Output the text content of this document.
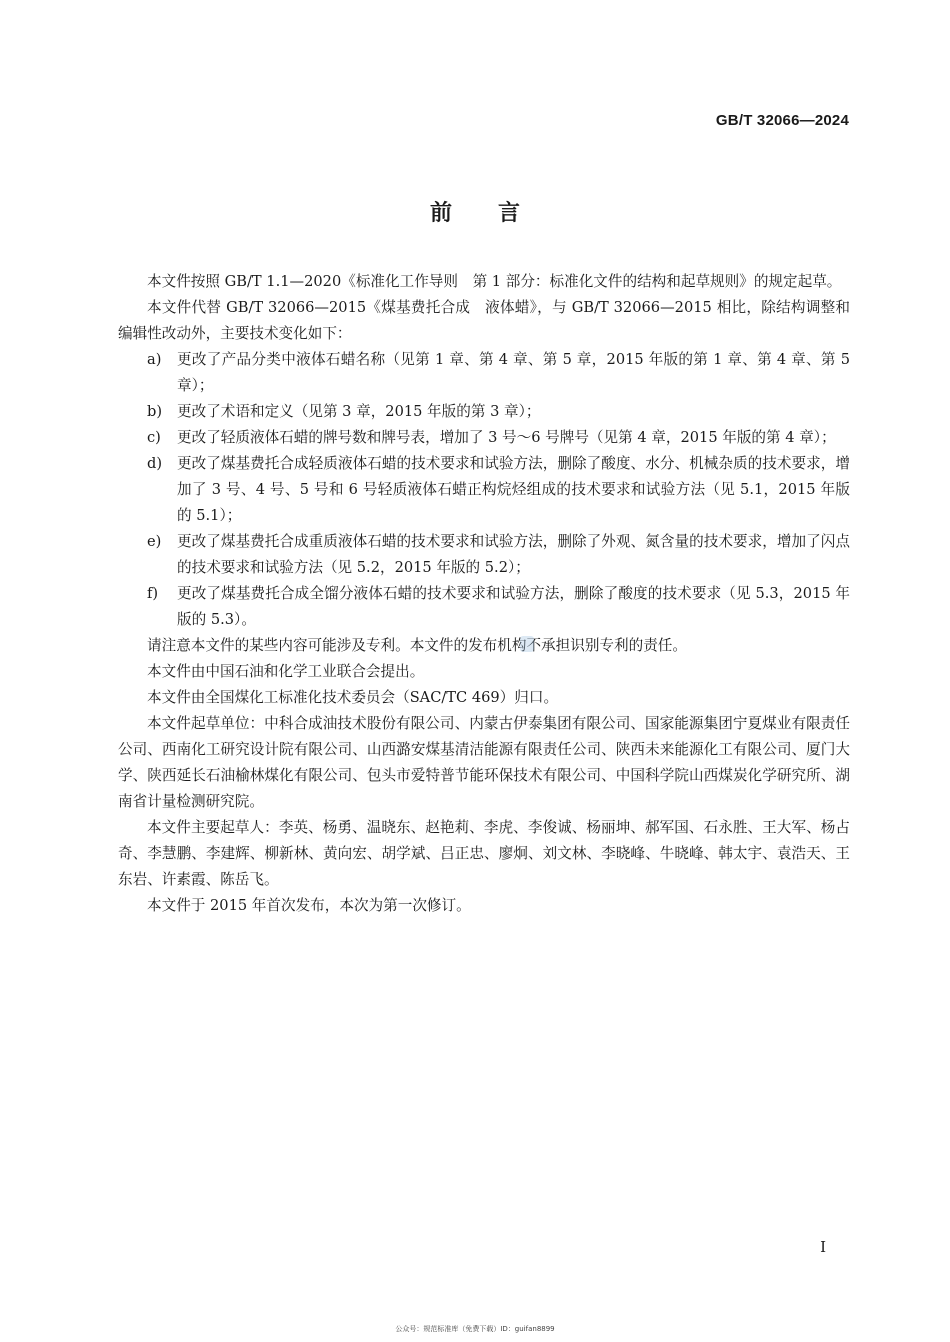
GB/T 32066—2024
前言

本文件按照 GB/T 1.1—2020《标准化工作导则　第 1 部分：标准化文件的结构和起草规则》的规定起草。

本文件代替 GB/T 32066—2015《煤基费托合成　液体蜡》，与 GB/T 32066—2015 相比，除结构调整和编辑性改动外，主要技术变化如下：

a) 更改了产品分类中液体石蜡名称（见第 1 章、第 4 章、第 5 章，2015 年版的第 1 章、第 4 章、第 5 章）；

b) 更改了术语和定义（见第 3 章，2015 年版的第 3 章）；

c) 更改了轻质液体石蜡的牌号数和牌号表，增加了 3 号～6 号牌号（见第 4 章，2015 年版的第 4 章）；

d) 更改了煤基费托合成轻质液体石蜡的技术要求和试验方法，删除了酸度、水分、机械杂质的技术要求，增加了 3 号、4 号、5 号和 6 号轻质液体石蜡正构烷烃组成的技术要求和试验方法（见 5.1，2015 年版的 5.1）；

e) 更改了煤基费托合成重质液体石蜡的技术要求和试验方法，删除了外观、氮含量的技术要求，增加了闪点的技术要求和试验方法（见 5.2，2015 年版的 5.2）；

f) 更改了煤基费托合成全馏分液体石蜡的技术要求和试验方法，删除了酸度的技术要求（见 5.3，2015 年版的 5.3）。

请注意本文件的某些内容可能涉及专利。本文件的发布机构不承担识别专利的责任。

本文件由中国石油和化学工业联合会提出。

本文件由全国煤化工标准化技术委员会（SAC/TC 469）归口。

本文件起草单位：中科合成油技术股份有限公司、内蒙古伊泰集团有限公司、国家能源集团宁夏煤业有限责任公司、西南化工研究设计院有限公司、山西潞安煤基清洁能源有限责任公司、陕西未来能源化工有限公司、厦门大学、陕西延长石油榆林煤化有限公司、包头市爱特普节能环保技术有限公司、中国科学院山西煤炭化学研究所、湖南省计量检测研究院。

本文件主要起草人：李英、杨勇、温晓东、赵艳莉、李虎、李俊诚、杨丽坤、郝军国、石永胜、王大军、杨占奇、李慧鹏、李建辉、柳新林、黄向宏、胡学斌、吕正忠、廖炯、刘文林、李晓峰、牛晓峰、韩太宇、袁浩天、王东岩、许素霞、陈岳飞。

本文件于 2015 年首次发布，本次为第一次修订。

I
公众号：规范标准库（免费下载）ID：guifan8899
